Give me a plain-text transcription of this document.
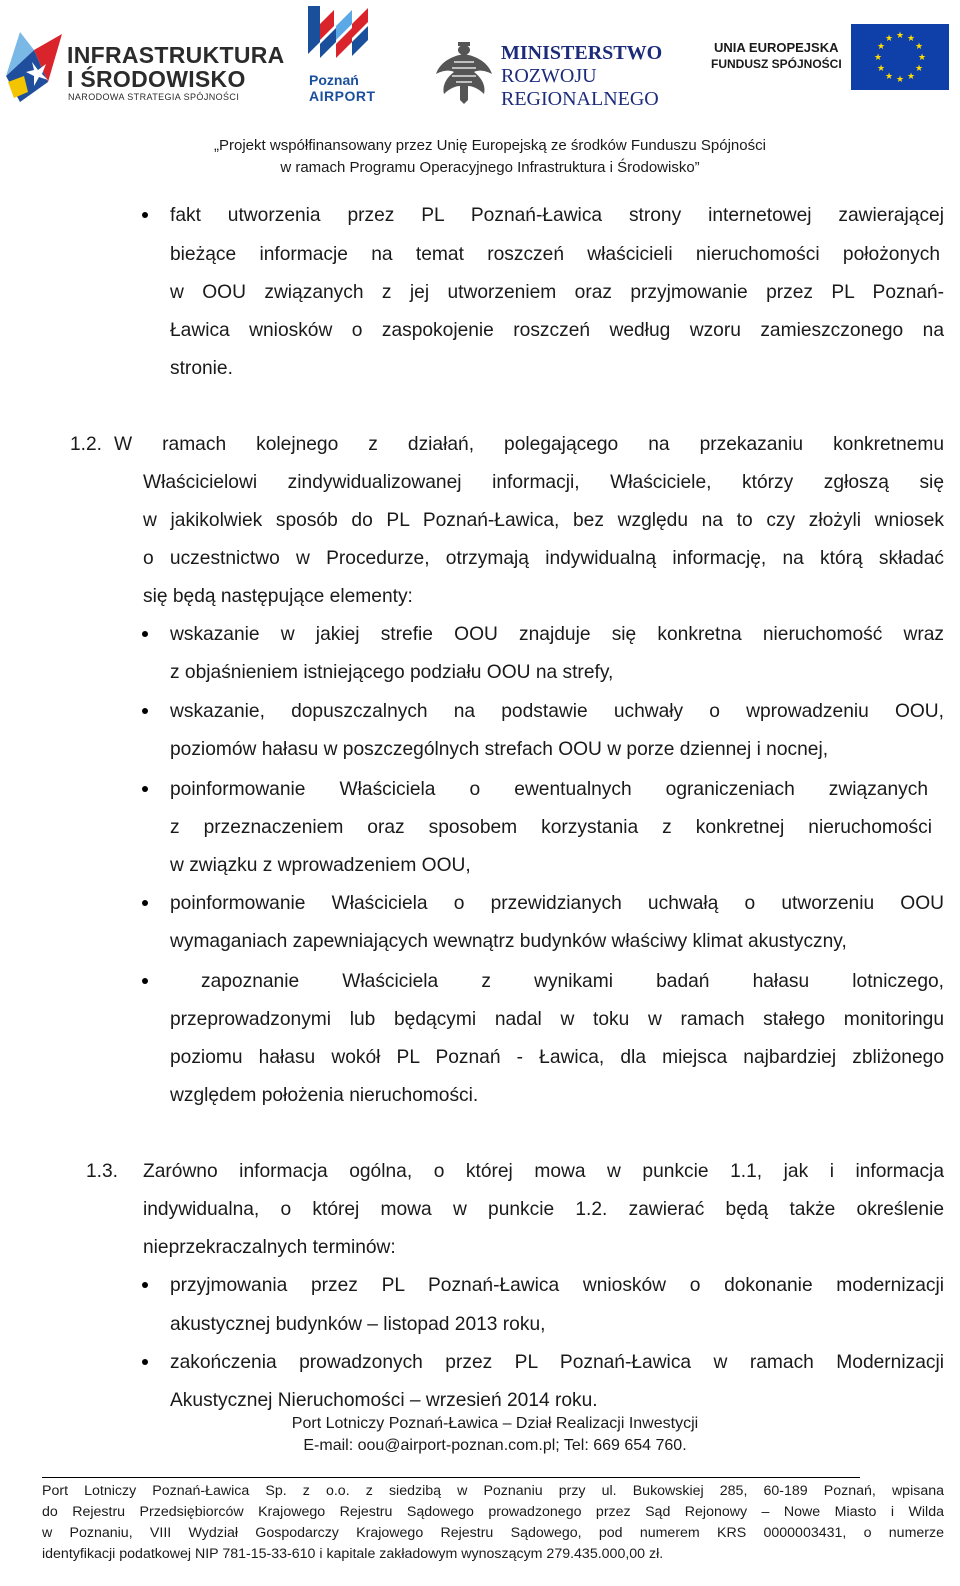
INFRASTRUKTURA
I ŚRODOWISKO
NARODOWA STRATEGIA SPÓJNOŚCI
Poznań
AIRPORT
MINISTERSTWO
ROZWOJU
REGIONALNEGO
UNIA EUROPEJSKA
FUNDUSZ SPÓJNOŚCI
★ ★
★
★
★
★
★
★
★
★
★
★
„Projekt współfinansowany przez Unię Europejską ze środków Funduszu Spójności
w ramach Programu Operacyjnego Infrastruktura i Środowisko”
fakt utworzenia przez PL Poznań-Ławica strony internetowej zawierającej
bieżące informacje na temat roszczeń właścicieli nieruchomości położonych
w OOU związanych z jej utworzeniem oraz przyjmowanie przez PL Poznań-
Ławica wniosków o zaspokojenie roszczeń według wzoru zamieszczonego na
stronie.
1.2. W ramach kolejnego z działań, polegającego na przekazaniu konkretnemu
Właścicielowi zindywidualizowanej informacji, Właściciele, którzy zgłoszą się
w jakikolwiek sposób do PL Poznań-Ławica, bez względu na to czy złożyli wniosek
o uczestnictwo w Procedurze, otrzymają indywidualną informację, na którą składać
się będą następujące elementy:
wskazanie w jakiej strefie OOU znajduje się konkretna nieruchomość wraz
z objaśnieniem istniejącego podziału OOU na strefy,
wskazanie, dopuszczalnych na podstawie uchwały o wprowadzeniu OOU,
poziomów hałasu w poszczególnych strefach OOU w porze dziennej i nocnej,
poinformowanie Właściciela o ewentualnych ograniczeniach związanych
z przeznaczeniem oraz sposobem korzystania z konkretnej nieruchomości
w związku z wprowadzeniem OOU,
poinformowanie Właściciela o przewidzianych uchwałą o utworzeniu OOU
wymaganiach zapewniających wewnątrz budynków właściwy klimat akustyczny,
zapoznanie Właściciela z wynikami badań hałasu lotniczego,
przeprowadzonymi lub będącymi nadal w toku w ramach stałego monitoringu
poziomu hałasu wokół PL Poznań - Ławica, dla miejsca najbardziej zbliżonego
względem położenia nieruchomości.
1.3. Zarówno informacja ogólna, o której mowa w punkcie 1.1, jak i informacja
indywidualna, o której mowa w punkcie 1.2. zawierać będą także określenie
nieprzekraczalnych terminów:
przyjmowania przez PL Poznań-Ławica wniosków o dokonanie modernizacji
akustycznej budynków – listopad 2013 roku,
zakończenia prowadzonych przez PL Poznań-Ławica w ramach Modernizacji
Akustycznej Nieruchomości – wrzesień 2014 roku.
Port Lotniczy Poznań-Ławica – Dział Realizacji Inwestycji
E-mail: oou@airport-poznan.com.pl; Tel: 669 654 760.
Port Lotniczy Poznań-Ławica Sp. z o.o. z siedzibą w Poznaniu przy ul. Bukowskiej 285, 60-189 Poznań, wpisana
do Rejestru Przedsiębiorców Krajowego Rejestru Sądowego prowadzonego przez Sąd Rejonowy – Nowe Miasto i Wilda
w Poznaniu, VIII Wydział Gospodarczy Krajowego Rejestru Sądowego, pod numerem KRS 0000003431, o numerze
identyfikacji podatkowej NIP 781-15-33-610 i kapitale zakładowym wynoszącym 279.435.000,00 zł.
